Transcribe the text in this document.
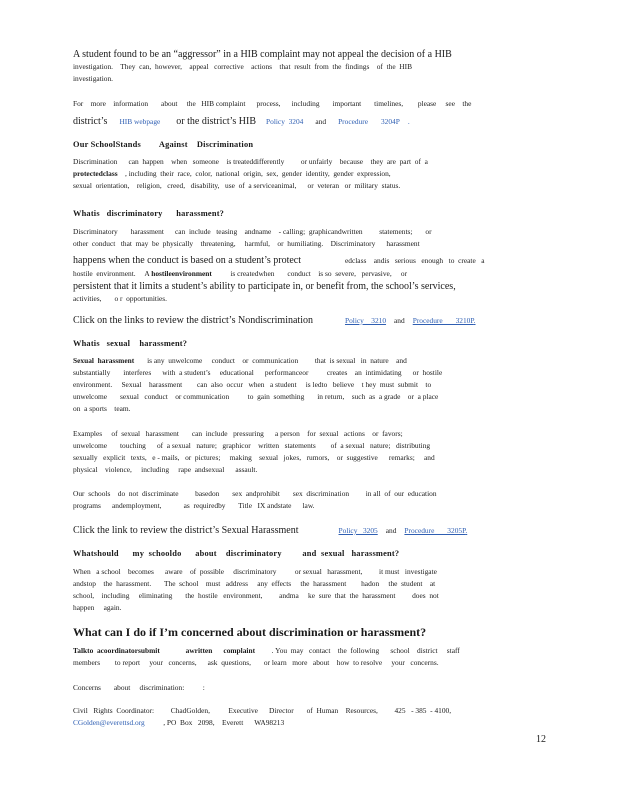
A student found to be an “aggressor” in a HIB complaint may not appeal the decision of a HIB
investigation.    They  can,  however,    appeal   corrective    actions    that  result  from  the  findings    of  the  HIB
investigation.
For    more    information       about     the   HIB complaint      process,      including       important       timelines,        please     see    the
district’s HIB webpage or the district’s HIB Policy  3204 and Procedure       3204P .
Our SchoolStands        Against    Discrimination
Discrimination can  happen    when   someone    is treateddifferently         or unfairly    because    they  are  part  of  a
protectedclass , including  their  race,  color,  national  origin,  sex,  gender  identity,  gender  expression,
sexual  orientation,    religion,   creed,   disability,   use  of  a serviceanimal,      or  veteran   or  military  status.
Whatis   discriminatory      harassment?
Discriminatory       harassment      can  include   teasing    andname    - calling;  graphicandwritten         statements;       or
other  conduct   that  may  be  physically    threatening,     harmful,    or  humiliating.    Discriminatory      harassment
happens when the conduct is based on a student’s protect	edclass    andis   serious   enough   to  create   a
hostile  environment.     A hostileenvironment is createdwhen       conduct    is so  severe,   pervasive,     or
persistent that it limits a student’s ability to participate in, or benefit from, the school’s services,
activities,       o r  opportunities.
Click on the links to review the district’s Nondiscrimination	Policy    3210 and Procedure       3210P.
Whatis   sexual    harassment?
Sexual  harassment is any  unwelcome     conduct    or  communication         that  is sexual   in  nature    and
substantially       interferes      with  a student’s     educational      performanceor          creates    an  intimidating      or  hostile
environment.     Sexual    harassment        can  also  occur   when   a student     is ledto   believe    t hey  must  submit    to
unwelcome       sexual   conduct    or communication          to  gain  something       in return,    such  as  a grade    or  a place
on  a sports    team.
Examples     of  sexual   harassment       can  include   pressuring      a person    for  sexual   actions    or  favors;
unwelcome       touching      of  a sexual   nature;   graphicor    written   statements        of  a sexual   nature;   distributing
sexually   explicit   texts,   e - mails,   or  pictures;     making    sexual   jokes,   rumors,    or  suggestive      remarks;     and
physical    violence,     including     rape  andsexual      assault.
Our  schools    do  not  discriminate         basedon       sex  andprohibit       sex  discrimination         in all  of  our  education
programs      andemployment,            as  requiredby       Title   IX andstate      law.
Click the link to review the district’s Sexual Harassment	Policy   3205 and Procedure       3205P.
Whatshould      my  schooldo      about    discriminatory         and  sexual   harassment?
When   a school    becomes      aware    of  possible     discriminatory          or sexual   harassment,         it must   investigate
andstop    the  harassment.       The  school    must   address     any  effects     the  harassment        hadon     the  student    at
school,    including     eliminating       the  hostile   environment,         andma     ke  sure  that  the  harassment         does  not
happen     again.
What can I do if I’m concerned about discrimination or harassment?
Talkto  acoordinatorsubmit              awritten      complaint . You  may   contact    the  following      school    district     staff
members        to report     your   concerns,      ask  questions,       or learn   more   about    how  to resolve     your   concerns.
Concerns       about     discrimination:          :
Civil   Rights  Coordinator:         ChadGolden,          Executive      Director       of  Human    Resources,         425   - 385  - 4100,
CGolden@everettsd.org , PO  Box   2098,    Everett      WA98213
12
